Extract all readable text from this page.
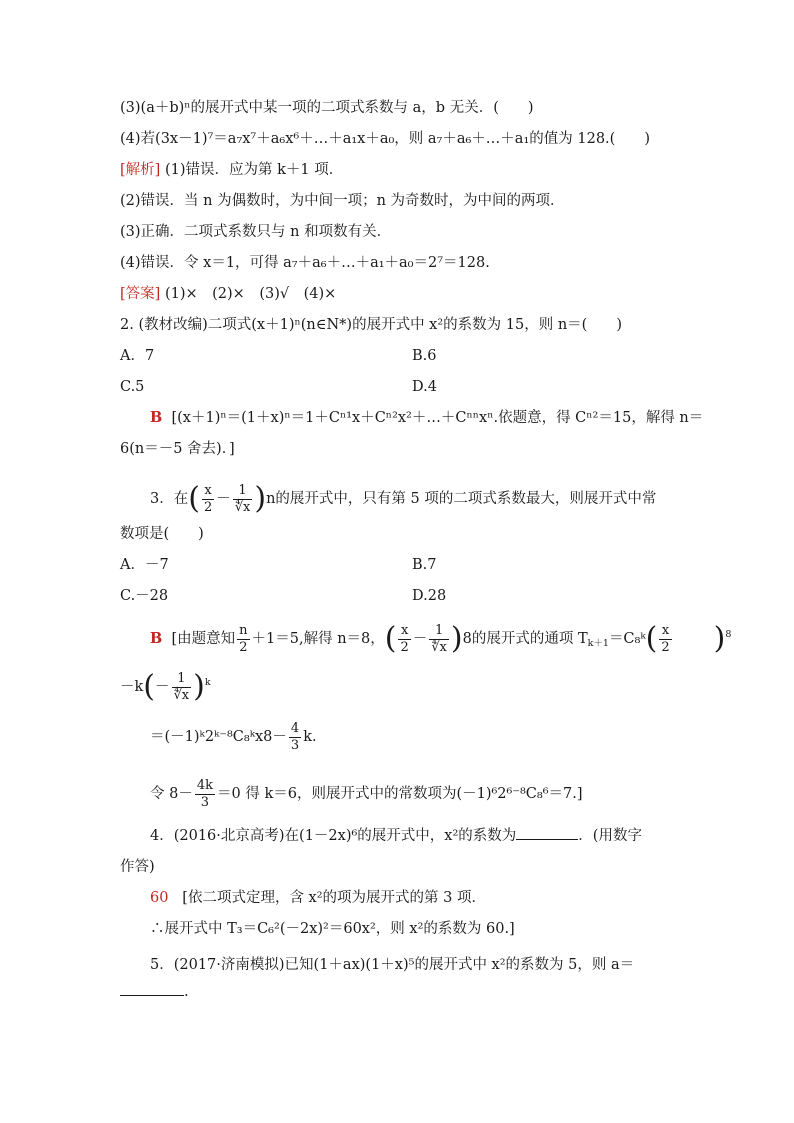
(3)(a＋b)ⁿ的展开式中某一项的二项式系数与 a，b 无关．(　　)
(4)若(3x－1)⁷＝a₇x⁷＋a₆x⁶＋…＋a₁x＋a₀，则 a₇＋a₆＋…＋a₁的值为 128.(　　)
[解析] (1)错误．应为第 k＋1 项．
(2)错误．当 n 为偶数时，为中间一项；n 为奇数时，为中间的两项．
(3)正确．二项式系数只与 n 和项数有关．
(4)错误．令 x＝1，可得 a₇＋a₆＋…＋a₁＋a₀＝2⁷＝128.
[答案] (1)×　(2)×　(3)√　(4)×
2. (教材改编)二项式(x＋1)ⁿ(n∈N*)的展开式中 x²的系数为 15，则 n＝(　　)
A．7	B.6
C.5	D.4
B [(x＋1)ⁿ＝(1＋x)ⁿ＝1＋Cⁿ¹x＋Cⁿ²x²＋…＋Cⁿⁿxⁿ.依题意，得 Cⁿ²＝15，解得 n＝
6(n＝－5 舍去)．]
3．在( $\frac{x}{2} - \frac{1}{∜x} )n$的展开式中，只有第 5 项的二项式系数最大，则展开式中常
数项是(　　)
A．－7	B.7
C.－28	D.28
B [由题意知 $\frac{n}{2} +1=5$,解得 n＝8，( $\frac{x}{2} - \frac{1}{∜x} )8$的展开式的通项 $T_{k+1}=C_8ᵏ( \frac{x}{2} )^8$
$-k(- \frac{1}{∜x} )^k$
＝(－1)ᵏ2ᵏ⁻⁸C₈ᵏx8－ $\frac{4}{3} k$.
令 $8- \frac{4k}{3} =0$ 得 k＝6，则展开式中的常数项为(－1)⁶2⁶⁻⁸C₈⁶＝7.]
4．(2016·北京高考)在(1－2x)⁶的展开式中，x²的系数为	．(用数字
作答)
60 [依二项式定理，含 x²的项为展开式的第 3 项．
∴展开式中 T₃＝C₆²(－2x)²＝60x²，则 x²的系数为 60.]
5．(2017·济南模拟)已知(1＋ax)(1＋x)⁵的展开式中 x²的系数为 5，则 a＝
.
